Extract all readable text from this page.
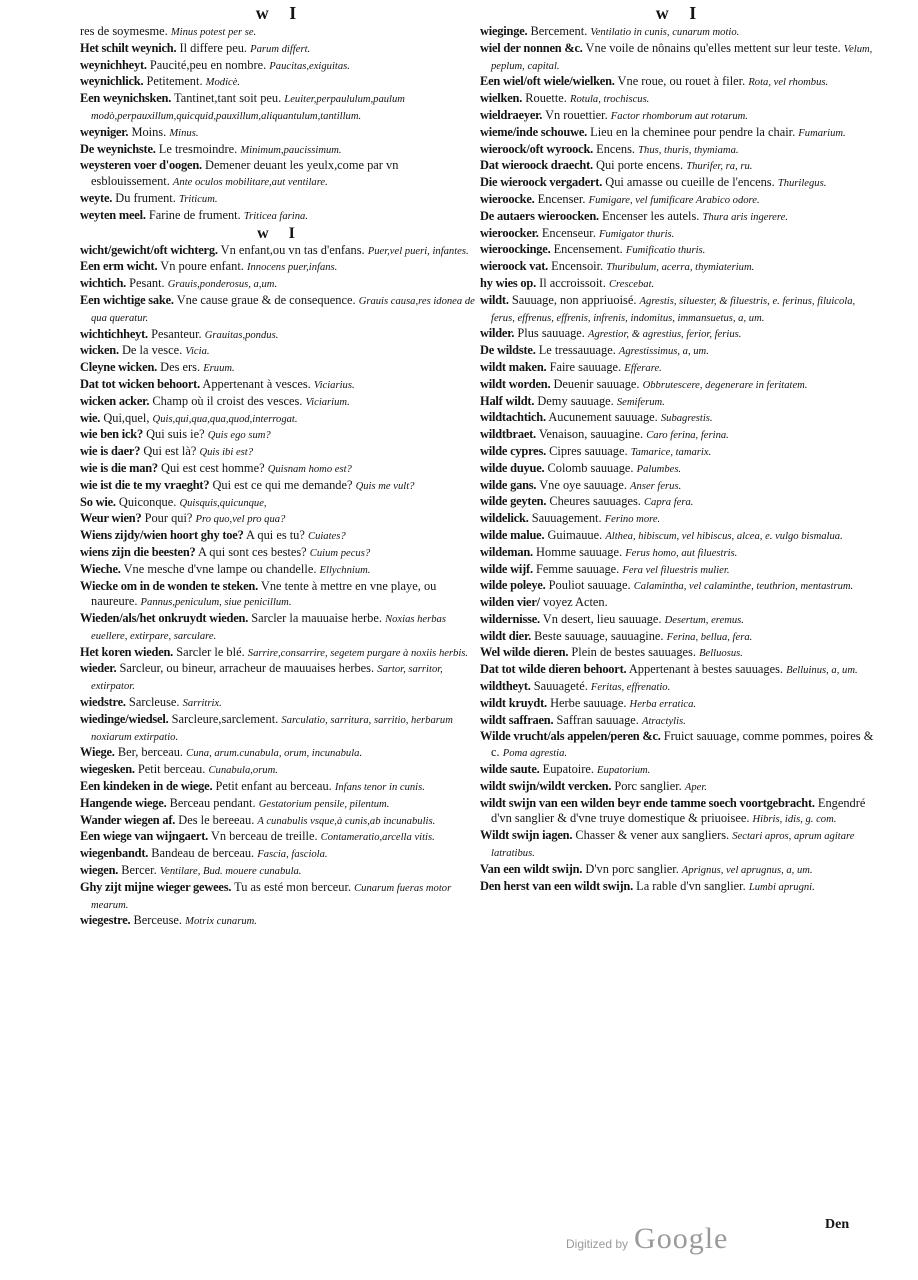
w I

res de soymesme. Minus potest per se.

Het schilt weynich. Il differe peu. Parum differt.

weynichheyt. Paucité,peu en nombre. Paucitas,exiguitas.

weynichlick. Petitement. Modicè.

Een weynichsken. Tantinet,tant soit peu. Leuiter,perpaululum,paulum modò,perpauxillum,quicquid,pauxillum,aliquantulum,tantillum.

weyniger. Moins. Minus.

De weynichste. Le tresmoindre. Minimum,paucissimum.

weysteren voer d'oogen. Demener deuant les yeulx,come par vn esblouissement. Ante oculos mobilitare,aut ventilare.

weyte. Du frument. Triticum.

weyten meel. Farine de frument. Triticea farina.

w I

wicht/gewicht/oft wichterg. Vn enfant,ou vn tas d'enfans. Puer,vel pueri, infantes.

Een erm wicht. Vn poure enfant. Innocens puer,infans.

wichtich. Pesant. Grauis,ponderosus, a,um.

Een wichtige sake. Vne cause graue & de consequence. Grauis causa,res idonea de qua queratur.

wichtichheyt. Pesanteur. Grauitas,pondus.

wicken. De la vesce. Vicia.

Cleyne wicken. Des ers. Eruum.

Dat tot wicken behoort. Appertenant à vesces. Viciarius.

wicken acker. Champ où il croist des vesces. Viciarium.

wie. Qui,quel, Quis,qui,qua,qua,quod,interrogat.

wie ben ick? Qui suis ie? Quis ego sum?

wie is daer? Qui est là? Quis ibi est?

wie is die man? Qui est cest homme? Quisnam homo est?

wie ist die te my vraeght? Qui est ce qui me demande? Quis me vult?

So wie. Quiconque. Quisquis,quicunque,

Weur wien? Pour qui? Pro quo,vel pro qua?

Wiens zijdy/wien hoort ghy toe? A qui es tu? Cuiates?

wiens zijn die beesten? A qui sont ces bestes? Cuium pecus?

Wieche. Vne mesche d'vne lampe ou chandelle. Ellychnium.

Wiecke om in de wonden te steken. Vne tente à mettre en vne playe, ou naureure. Pannus,peniculum, siue penicillum.

Wieden/als/het onkruydt wieden. Sarcler la mauuaise herbe. Noxias herbas euellere, extirpare, sarculare.

Het koren wieden. Sarcler le blé. Sarrire,consarrire, segetem purgare à noxiis herbis.

wieder. Sarcleur, ou bineur, arracheur de mauuaises herbes. Sartor, sarritor, extirpator.

wiedstre. Sarcleuse. Sarritrix.

wiedinge/wiedsel. Sarcleure,sarclement. Sarculatio, sarritura, sarritio, herbarum noxiarum extirpatio.

Wiege. Ber, berceau. Cuna, arum.cunabula, orum, incunabula.

wiegesken. Petit berceau. Cunabula,orum.

Een kindeken in de wiege. Petit enfant au berceau. Infans tenor in cunis.

Hangende wiege. Berceau pendant. Gestatorium pensile, pilentum.

Wander wiegen af. Des le bereeau. A cunabulis vsque,à cunis,ab incunabulis.

Een wiege van wijngaert. Vn berceau de treille. Contameratio,arcella vitis.

wiegenbandt. Bandeau de berceau. Fascia, fasciola.

wiegen. Bercer. Ventilare, Bud. mouere cunabula.

Ghy zijt mijne wieger gewees. Tu as esté mon berceur. Cunarum fueras motor mearum.

wiegestre. Berceuse. Motrix cunarum.

w I

wieginge. Bercement. Ventilatio in cunis, cunarum motio.

wiel der nonnen &c. Vne voile de nônains qu'elles mettent sur leur teste. Velum, peplum, capital.

Een wiel/oft wiele/wielken. Vne roue, ou rouet à filer. Rota, vel rhombus.

wielken. Rouette. Rotula, trochiscus.

wieldraeyer. Vn rouettier. Factor rhomborum aut rotarum.

wieme/inde schouwe. Lieu en la cheminee pour pendre la chair. Fumarium.

wieroock/oft wyroock. Encens. Thus, thuris, thymiama.

Dat wieroock draecht. Qui porte encens. Thurifer, ra, ru.

Die wieroock vergadert. Qui amasse ou cueille de l'encens. Thurilegus.

wieroocke. Encenser. Fumigare, vel fumificare Arabico odore.

De autaers wieroocken. Encenser les autels. Thura aris ingerere.

wieroocker. Encenseur. Fumigator thuris.

wieroockinge. Encensement. Fumificatio thuris.

wieroock vat. Encensoir. Thuribulum, acerra, thymiaterium.

hy wies op. Il accroissoit. Crescebat.

wildt. Sauuage, non appriuoisé. Agrestis, siluester, & filuestris, e. ferinus, filuicola, ferus, effrenus, effrenis, infrenis, indomitus, immansuetus, a, um.

wilder. Plus sauuage. Agrestior, & agrestius, ferior, ferius.

De wildste. Le tressauuage. Agrestissimus, a, um.

wildt maken. Faire sauuage. Efferare.

wildt worden. Deuenir sauuage. Obbrutescere, degenerare in feritatem.

Half wildt. Demy sauuage. Semiferum.

wildtachtich. Aucunement sauuage. Subagrestis.

wildtbraet. Venaison, sauuagine. Caro ferina, ferina.

wilde cypres. Cipres sauuage. Tamarice, tamarix.

wilde duyue. Colomb sauuage. Palumbes.

wilde gans. Vne oye sauuage. Anser ferus.

wilde geyten. Cheures sauuages. Capra fera.

wildelick. Sauuagement. Ferino more.

wilde malue. Guimauue. Althea, hibiscum, vel hibiscus, alcea, e. vulgo bismalua.

wildeman. Homme sauuage. Ferus homo, aut filuestris.

wilde wijf. Femme sauuage. Fera vel filuestris mulier.

wilde poleye. Pouliot sauuage. Calamintha, vel calaminthe, teuthrion, mentastrum.

wilden vier/ voyez Acten.

wildernisse. Vn desert, lieu sauuage. Desertum, eremus.

wildt dier. Beste sauuage, sauuagine. Ferina, bellua, fera.

Wel wilde dieren. Plein de bestes sauuages. Belluosus.

Dat tot wilde dieren behoort. Appertenant à bestes sauuages. Belluinus, a, um.

wildtheyt. Sauuageté. Feritas, effrenatio.

wildt kruydt. Herbe sauuage. Herba erratica.

wildt saffraen. Saffran sauuage. Atractylis.

Wilde vrucht/als appelen/peren &c. Fruict sauuage, comme pommes, poires & c. Poma agrestia.

wilde saute. Eupatoire. Eupatorium.

wildt swijn/wildt vercken. Porc sanglier. Aper.

wildt swijn van een wilden beyr ende tamme soech voortgebracht. Engendré d'vn sanglier & d'vne truye domestique & priuoisee. Hibris, idis, g. com.

Wildt swijn iagen. Chasser & vener aux sangliers. Sectari apros, aprum agitare latratibus.

Van een wildt swijn. D'vn porc sanglier. Aprignus, vel aprugnus, a, um.

Den herst van een wildt swijn. La rable d'vn sanglier. Lumbi aprugni.

Den
Digitized by Google
